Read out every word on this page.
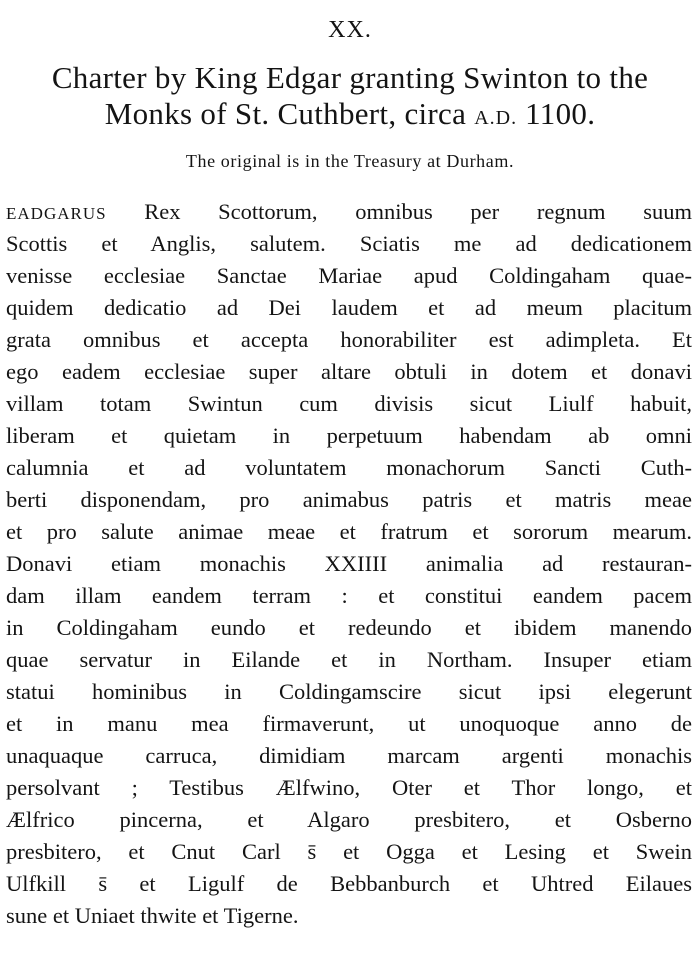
XX.
Charter by King Edgar granting Swinton to the Monks of St. Cuthbert, circa A.D. 1100.
The original is in the Treasury at Durham.
EADGARUS Rex Scottorum, omnibus per regnum suum
Scottis et Anglis, salutem. Sciatis me ad dedicationem
venisse ecclesiae Sanctae Mariae apud Coldingaham quae-
quidem dedicatio ad Dei laudem et ad meum placitum
grata omnibus et accepta honorabiliter est adimpleta. Et
ego eadem ecclesiae super altare obtuli in dotem et donavi
villam totam Swintun cum divisis sicut Liulf habuit,
liberam et quietam in perpetuum habendam ab omni
calumnia et ad voluntatem monachorum Sancti Cuth-
berti disponendam, pro animabus patris et matris meae
et pro salute animae meae et fratrum et sororum mearum.
Donavi etiam monachis XXIIII animalia ad restauran-
dam illam eandem terram : et constitui eandem pacem
in Coldingaham eundo et redeundo et ibidem manendo
quae servatur in Eilande et in Northam. Insuper etiam
statui hominibus in Coldingamscire sicut ipsi elegerunt
et in manu mea firmaverunt, ut unoquoque anno de
unaquaque carruca, dimidiam marcam argenti monachis
persolvant ; Testibus Ælfwino, Oter et Thor longo, et
Ælfrico pincerna, et Algaro presbitero, et Osberno
presbitero, et Cnut Carl s̄ et Ogga et Lesing et Swein
Ulfkill s̄ et Ligulf de Bebbanburch et Uhtred Eilaues
sune et Uniaet thwite et Tigerne.
